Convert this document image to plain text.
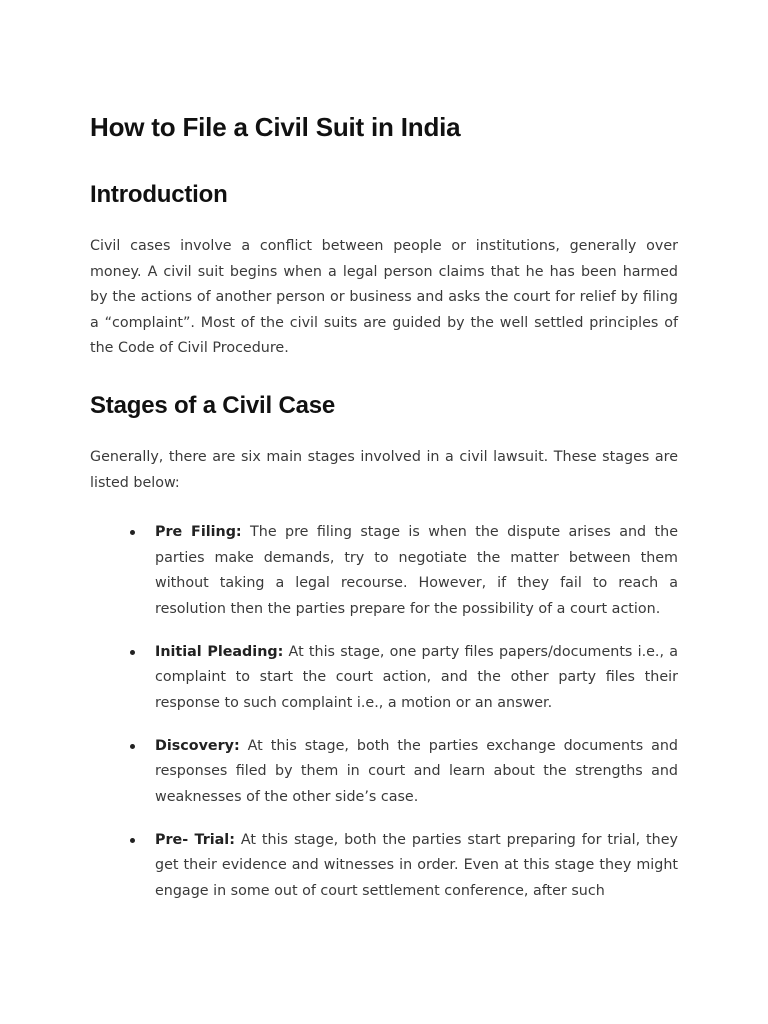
How to File a Civil Suit in India
Introduction

Civil cases involve a conflict between people or institutions, generally over money. A civil suit begins when a legal person claims that he has been harmed by the actions of another person or business and asks the court for relief by filing a “complaint”. Most of the civil suits are guided by the well settled principles of the Code of Civil Procedure.

Stages of a Civil Case

Generally, there are six main stages involved in a civil lawsuit. These stages are listed below:

Pre Filing: The pre filing stage is when the dispute arises and the parties make demands, try to negotiate the matter between them without taking a legal recourse. However, if they fail to reach a resolution then the parties prepare for the possibility of a court action.
Initial Pleading: At this stage, one party files papers/documents i.e., a complaint to start the court action, and the other party files their response to such complaint i.e., a motion or an answer.
Discovery: At this stage, both the parties exchange documents and responses filed by them in court and learn about the strengths and weaknesses of the other side’s case.
Pre- Trial: At this stage, both the parties start preparing for trial, they get their evidence and witnesses in order. Even at this stage they might engage in some out of court settlement conference, after such
